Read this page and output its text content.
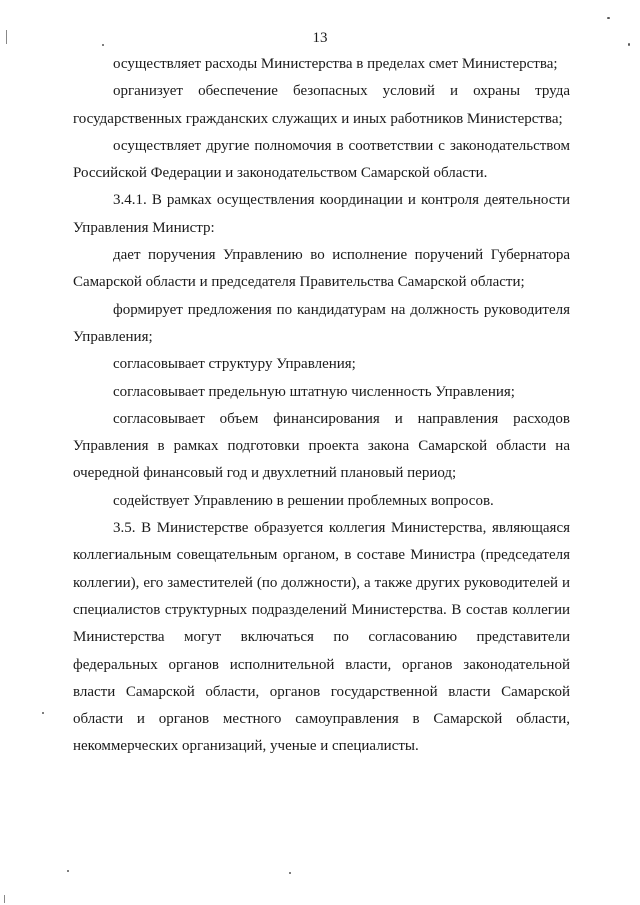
13

осуществляет расходы Министерства в пределах смет Министерства;

организует обеспечение безопасных условий и охраны труда государственных гражданских служащих и иных работников Министерства;

осуществляет другие полномочия в соответствии с законодательством Российской Федерации и законодательством Самарской области.

3.4.1. В рамках осуществления координации и контроля деятельности Управления Министр:

дает поручения Управлению во исполнение поручений Губернатора Самарской области и председателя Правительства Самарской области;

формирует предложения по кандидатурам на должность руководителя Управления;

согласовывает структуру Управления;

согласовывает предельную штатную численность Управления;

согласовывает объем финансирования и направления расходов Управления в рамках подготовки проекта закона Самарской области на очередной финансовый год и двухлетний плановый период;

содействует Управлению в решении проблемных вопросов.

3.5. В Министерстве образуется коллегия Министерства, являющаяся коллегиальным совещательным органом, в составе Министра (председателя коллегии), его заместителей (по должности), а также других руководителей и специалистов структурных подразделений Министерства. В состав коллегии Министерства могут включаться по согласованию представители федеральных органов исполнительной власти, органов законодательной власти Самарской области, органов государственной власти Самарской области и органов местного самоуправления в Самарской области, некоммерческих организаций, ученые и специалисты.
